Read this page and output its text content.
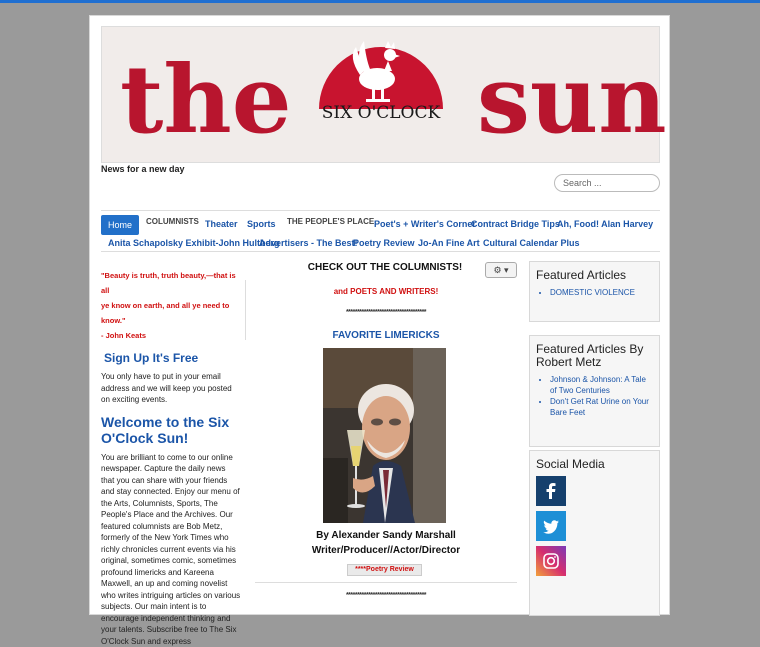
the sun
SIX O'CLOCK
News for a new day
Search ...
Home	COLUMNISTS Theater Sports THE PEOPLE'S PLACE Poet's + Writer's Corner
Contract Bridge Tips
Ah, Food! Alan Harvey
Anita Schapolsky Exhibit-John Hultberg
Advertisers - The Best!
Poetry Review Jo-An Fine Art Cultural Calendar Plus
"Beauty is truth, truth beauty,—that is all
ye know on earth, and all ye need to
know."
- John Keats
Sign Up It's Free
You only have to put in your email address and we will keep you posted on exciting events.
Welcome to the Six O'Clock Sun!
You are brilliant to come to our online newspaper. Capture the daily news that you can share with your friends and stay connected. Enjoy our menu of the Arts, Columnists, Sports, The People's Place and the Archives. Our featured columnists are Bob Metz, formerly of the New York Times who richly chronicles current events via his original, sometimes comic, sometimes profound limericks and Kareena Maxwell, an up and coming novelist who writes intriguing articles on various subjects. Our main intent is to encourage independent thinking and your talents. Subscribe free to The Six O'Clock Sun and express
CHECK OUT THE COLUMNISTS!	⚙ ▾
and POETS AND WRITERS!
************************************
FAVORITE LIMERICKS
By Alexander Sandy Marshall
Writer/Producer//Actor/Director
****Poetry Review
************************************
Featured Articles
• DOMESTIC VIOLENCE
Featured Articles By Robert Metz
• Johnson & Johnson: A Tale of Two Centuries
• Don't Get Rat Urine on Your Bare Feet
Social Media
